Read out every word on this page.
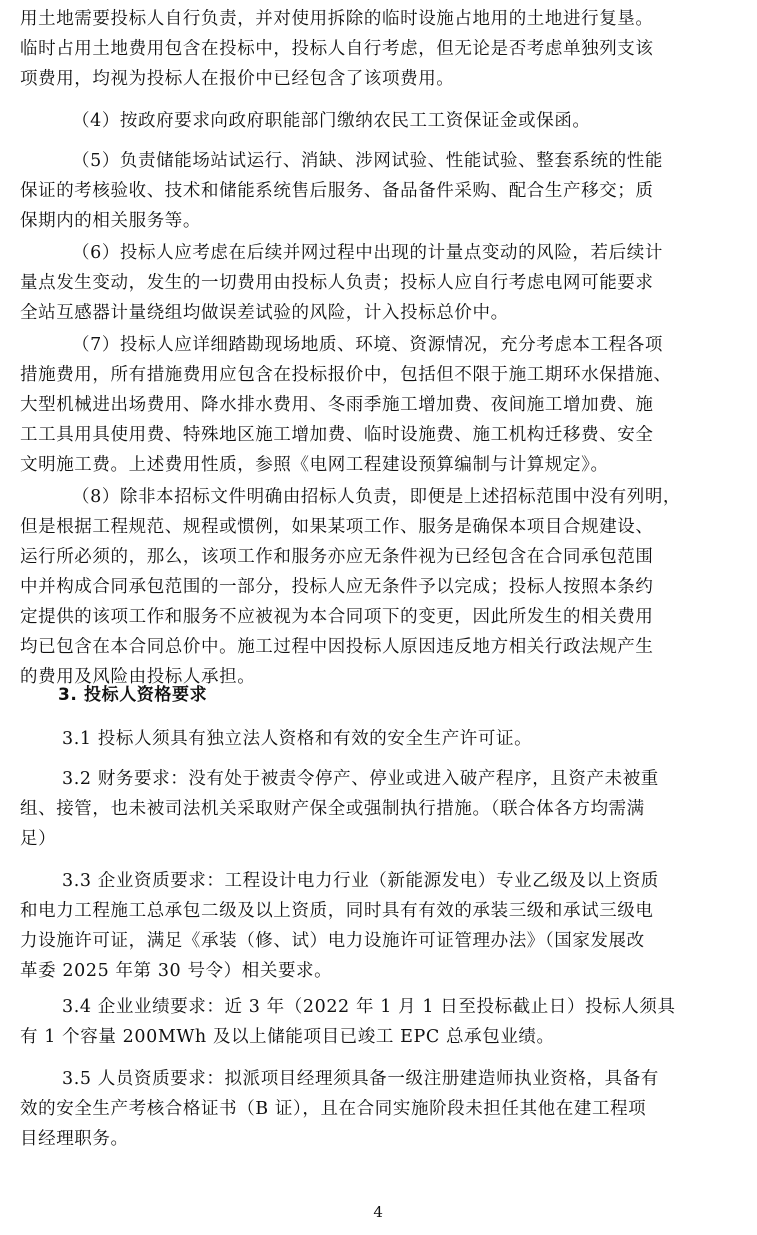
用土地需要投标人自行负责，并对使用拆除的临时设施占地用的土地进行复垦。
临时占用土地费用包含在投标中，投标人自行考虑，但无论是否考虑单独列支该
项费用，均视为投标人在报价中已经包含了该项费用。
（4）按政府要求向政府职能部门缴纳农民工工资保证金或保函。
（5）负责储能场站试运行、消缺、涉网试验、性能试验、整套系统的性能
保证的考核验收、技术和储能系统售后服务、备品备件采购、配合生产移交；质
保期内的相关服务等。
（6）投标人应考虑在后续并网过程中出现的计量点变动的风险，若后续计
量点发生变动，发生的一切费用由投标人负责；投标人应自行考虑电网可能要求
全站互感器计量绕组均做误差试验的风险，计入投标总价中。
（7）投标人应详细踏勘现场地质、环境、资源情况，充分考虑本工程各项
措施费用，所有措施费用应包含在投标报价中，包括但不限于施工期环水保措施、
大型机械进出场费用、降水排水费用、冬雨季施工增加费、夜间施工增加费、施
工工具用具使用费、特殊地区施工增加费、临时设施费、施工机构迁移费、安全
文明施工费。上述费用性质，参照《电网工程建设预算编制与计算规定》。
（8）除非本招标文件明确由招标人负责，即便是上述招标范围中没有列明，
但是根据工程规范、规程或惯例，如果某项工作、服务是确保本项目合规建设、
运行所必须的，那么，该项工作和服务亦应无条件视为已经包含在合同承包范围
中并构成合同承包范围的一部分，投标人应无条件予以完成；投标人按照本条约
定提供的该项工作和服务不应被视为本合同项下的变更，因此所发生的相关费用
均已包含在本合同总价中。施工过程中因投标人原因违反地方相关行政法规产生
的费用及风险由投标人承担。
3. 投标人资格要求
3.1 投标人须具有独立法人资格和有效的安全生产许可证。
3.2 财务要求：没有处于被责令停产、停业或进入破产程序，且资产未被重
组、接管，也未被司法机关采取财产保全或强制执行措施。（联合体各方均需满
足）
3.3 企业资质要求：工程设计电力行业（新能源发电）专业乙级及以上资质
和电力工程施工总承包二级及以上资质，同时具有有效的承装三级和承试三级电
力设施许可证，满足《承装（修、试）电力设施许可证管理办法》（国家发展改
革委 2025 年第 30 号令）相关要求。
3.4 企业业绩要求：近 3 年（2022 年 1 月 1 日至投标截止日）投标人须具
有 1 个容量 200MWh 及以上储能项目已竣工 EPC 总承包业绩。
3.5 人员资质要求：拟派项目经理须具备一级注册建造师执业资格，具备有
效的安全生产考核合格证书（B 证），且在合同实施阶段未担任其他在建工程项
目经理职务。
4
